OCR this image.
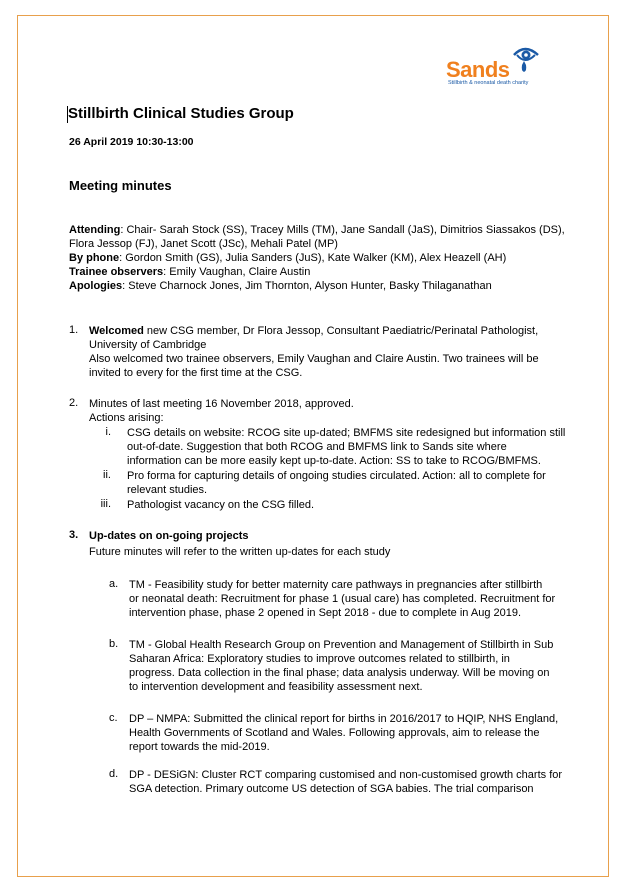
Sands
Stillbirth & neonatal death charity
Stillbirth Clinical Studies Group
26 April 2019 10:30-13:00
Meeting minutes
Attending: Chair- Sarah Stock (SS), Tracey Mills (TM), Jane Sandall (JaS), Dimitrios Siassakos (DS),
Flora Jessop (FJ), Janet Scott (JSc), Mehali Patel (MP)
By phone: Gordon Smith (GS), Julia Sanders (JuS), Kate Walker (KM), Alex Heazell (AH)
Trainee observers: Emily Vaughan, Claire Austin
Apologies: Steve Charnock Jones, Jim Thornton, Alyson Hunter, Basky Thilaganathan
1. Welcomed new CSG member, Dr Flora Jessop, Consultant Paediatric/Perinatal Pathologist,
University of Cambridge
Also welcomed two trainee observers, Emily Vaughan and Claire Austin. Two trainees will be
invited to every for the first time at the CSG.
2. Minutes of last meeting 16 November 2018, approved.
Actions arising:
i. CSG details on website: RCOG site up-dated; BMFMS site redesigned but information still
out-of-date. Suggestion that both RCOG and BMFMS link to Sands site where
information can be more easily kept up-to-date. Action: SS to take to RCOG/BMFMS.
ii. Pro forma for capturing details of ongoing studies circulated. Action: all to complete for
relevant studies.
iii. Pathologist vacancy on the CSG filled.
3. Up-dates on on-going projects
Future minutes will refer to the written up-dates for each study
a. TM - Feasibility study for better maternity care pathways in pregnancies after stillbirth
or neonatal death: Recruitment for phase 1 (usual care) has completed. Recruitment for
intervention phase, phase 2 opened in Sept 2018 - due to complete in Aug 2019.
b. TM - Global Health Research Group on Prevention and Management of Stillbirth in Sub
Saharan Africa: Exploratory studies to improve outcomes related to stillbirth, in
progress. Data collection in the final phase; data analysis underway. Will be moving on
to intervention development and feasibility assessment next.
c. DP – NMPA: Submitted the clinical report for births in 2016/2017 to HQIP, NHS England,
Health Governments of Scotland and Wales. Following approvals, aim to release the
report towards the mid-2019.
d. DP - DESiGN: Cluster RCT comparing customised and non-customised growth charts for
SGA detection. Primary outcome US detection of SGA babies. The trial comparison
